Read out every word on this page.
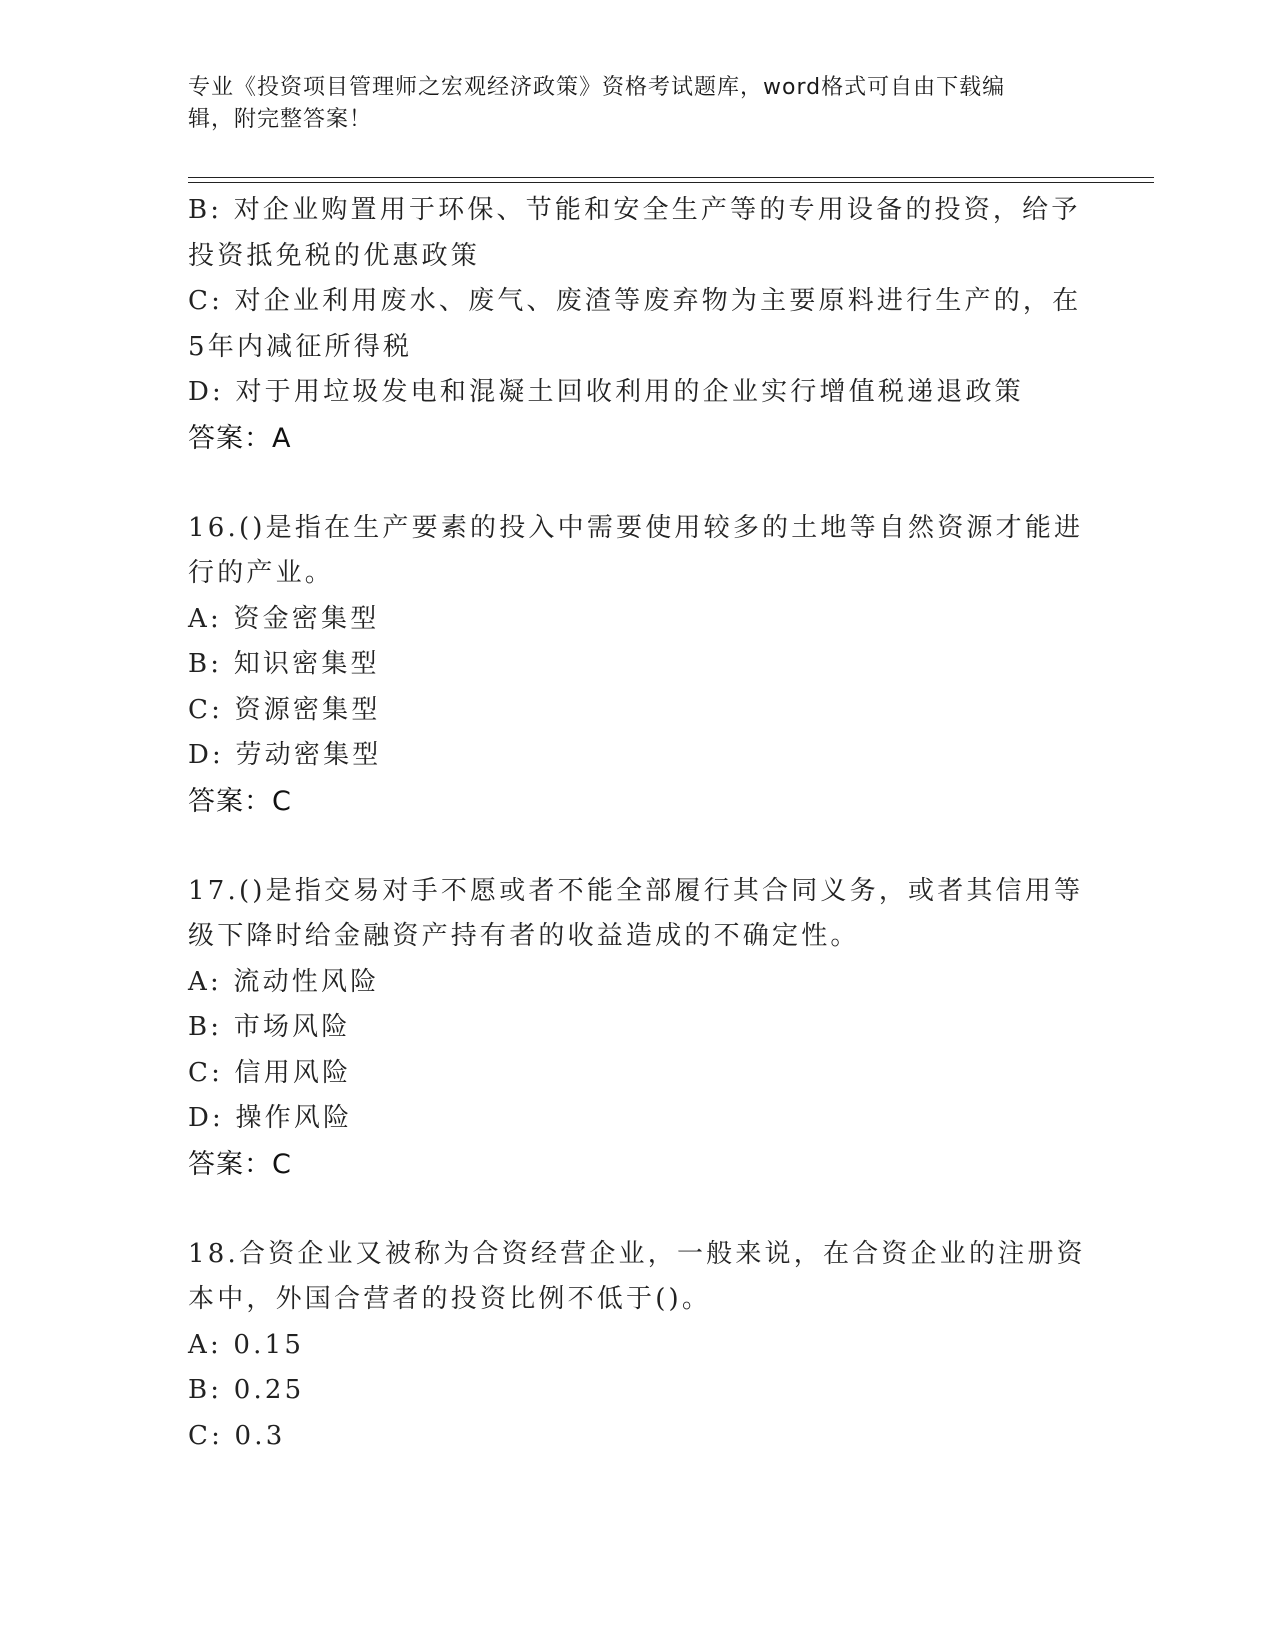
专业《投资项目管理师之宏观经济政策》资格考试题库，word格式可自由下载编
辑，附完整答案！
B: 对企业购置用于环保、节能和安全生产等的专用设备的投资，给予
投资抵免税的优惠政策
C: 对企业利用废水、废气、废渣等废弃物为主要原料进行生产的，在
5年内减征所得税
D: 对于用垃圾发电和混凝土回收利用的企业实行增值税递退政策
答案：A
16.()是指在生产要素的投入中需要使用较多的土地等自然资源才能进
行的产业。
A: 资金密集型
B: 知识密集型
C: 资源密集型
D: 劳动密集型
答案：C
17.()是指交易对手不愿或者不能全部履行其合同义务，或者其信用等
级下降时给金融资产持有者的收益造成的不确定性。
A: 流动性风险
B: 市场风险
C: 信用风险
D: 操作风险
答案：C
18.合资企业又被称为合资经营企业，一般来说，在合资企业的注册资
本中，外国合营者的投资比例不低于()。
A: 0.15
B: 0.25
C: 0.3
